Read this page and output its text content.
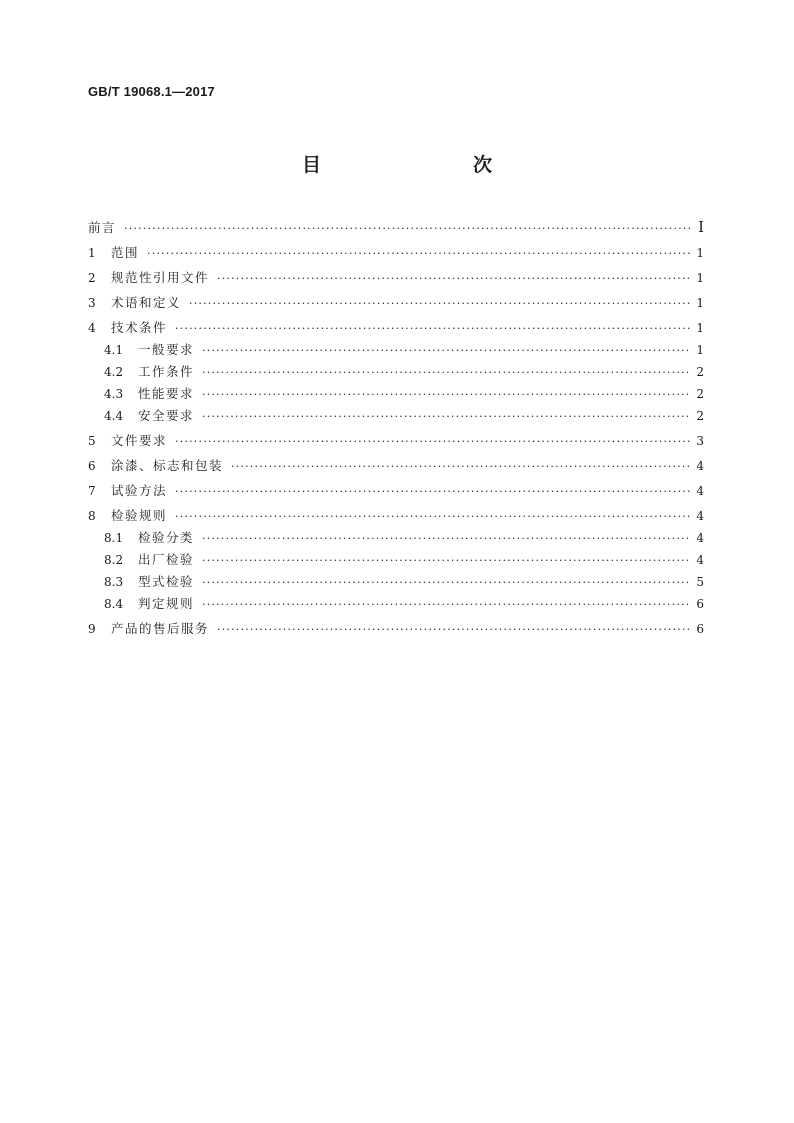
GB/T 19068.1—2017
目　　次
前言 ·····	Ⅰ
1	范围 ·····	1
2	规范性引用文件 ·····	1
3	术语和定义 ·····	1
4	技术条件 ·····	1
4.1	一般要求 ·····	1
4.2	工作条件 ·····	2
4.3	性能要求 ·····	2
4.4	安全要求 ·····	2
5	文件要求 ·····	3
6	涂漆、标志和包装 ·····	4
7	试验方法 ·····	4
8	检验规则 ·····	4
8.1	检验分类 ·····	4
8.2	出厂检验 ·····	4
8.3	型式检验 ·····	5
8.4	判定规则 ·····	6
9	产品的售后服务 ·····	6
